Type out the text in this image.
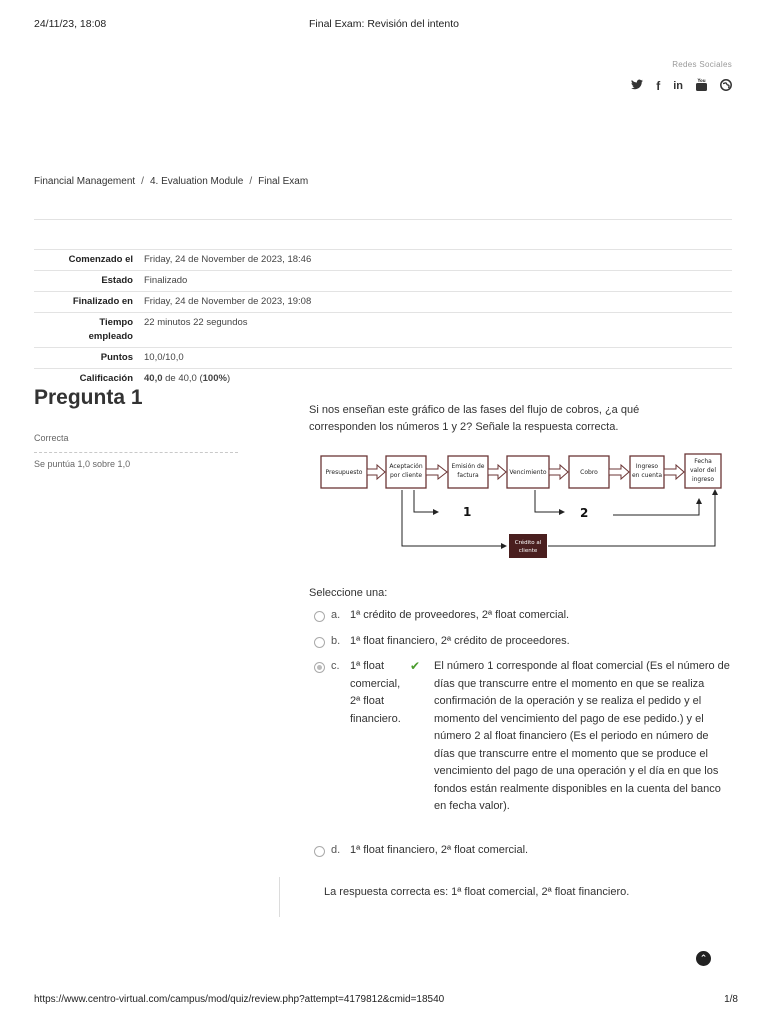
24/11/23, 18:08	Final Exam: Revisión del intento
Redes Sociales
f in	You
Financial Management / 4. Evaluation Module / Final Exam
Comenzado el	Friday, 24 de November de 2023, 18:46
Estado	Finalizado
Finalizado en	Friday, 24 de November de 2023, 19:08
Tiempo
empleado	22 minutos 22 segundos
Puntos	10,0/10,0
Calificación	40,0 de 40,0 (100%)
Pregunta 1
Correcta
Se puntúa 1,0 sobre 1,0
Si nos enseñan este gráfico de las fases del flujo de cobros, ¿a qué corresponden los números 1 y 2? Señale la respuesta correcta.
Presupuesto
Aceptación
por cliente
Emisión de
factura	Vencimiento	Cobro
Ingreso
en cuenta
Fecha
valor del
ingreso
1	2
Crédito al
cliente
Seleccione una:
a. 1ª crédito de proveedores, 2ª float comercial.
b. 1ª float financiero, 2ª crédito de proceedores.
c. 1ª float comercial, 2ª float financiero.
✔	El número 1 corresponde al float comercial (Es el número de días que transcurre entre el momento en que se realiza confirmación de la operación y se realiza el pedido y el momento del vencimiento del pago de ese pedido.) y el número 2 al float financiero (Es el periodo en número de días que transcurre entre el momento que se produce el vencimiento del pago de una operación y el día en que los fondos están realmente disponibles en la cuenta del banco en fecha valor).
d. 1ª float financiero, 2ª float comercial.
La respuesta correcta es: 1ª float comercial, 2ª float financiero.
⌃
https://www.centro-virtual.com/campus/mod/quiz/review.php?attempt=4179812&cmid=18540	1/8
